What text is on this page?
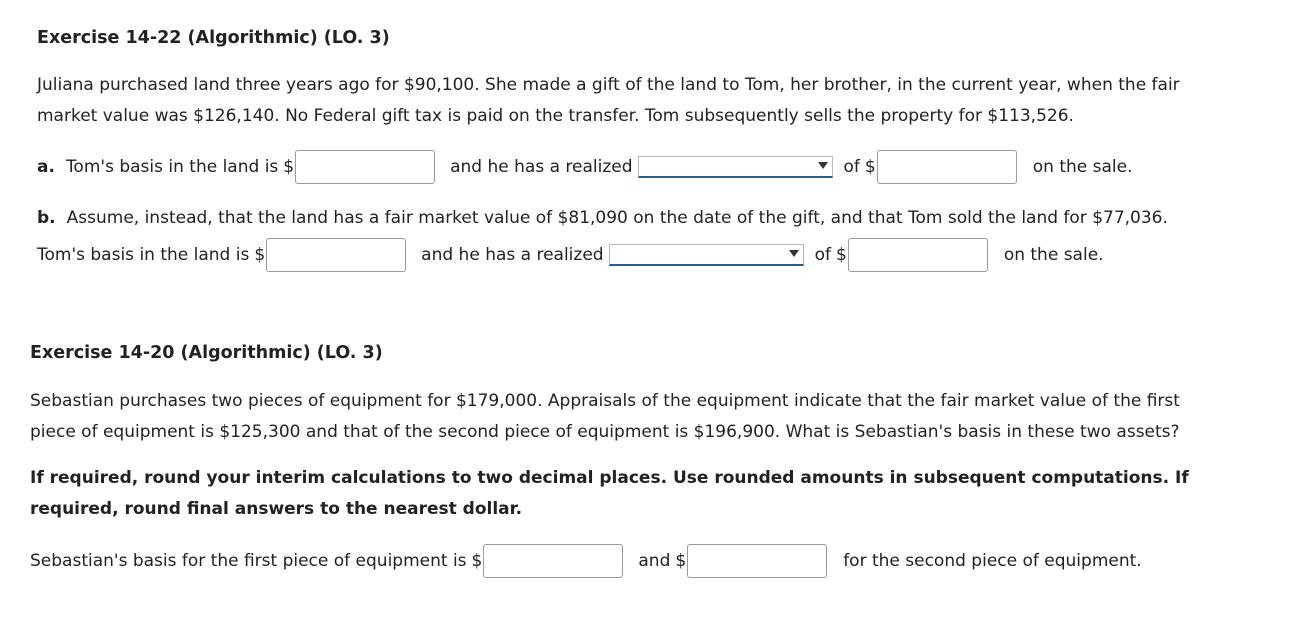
Exercise 14-22 (Algorithmic) (LO. 3)
Juliana purchased land three years ago for $90,100. She made a gift of the land to Tom, her brother, in the current year, when the fair
market value was $126,140. No Federal gift tax is paid on the transfer. Tom subsequently sells the property for $113,526.
a. Tom's basis in the land is $	and he has a realized	of $	on the sale.
b. Assume, instead, that the land has a fair market value of $81,090 on the date of the gift, and that Tom sold the land for $77,036.
Tom's basis in the land is $	and he has a realized	of $	on the sale.
Exercise 14-20 (Algorithmic) (LO. 3)
Sebastian purchases two pieces of equipment for $179,000. Appraisals of the equipment indicate that the fair market value of the first
piece of equipment is $125,300 and that of the second piece of equipment is $196,900. What is Sebastian's basis in these two assets?
If required, round your interim calculations to two decimal places. Use rounded amounts in subsequent computations. If
required, round final answers to the nearest dollar.
Sebastian's basis for the first piece of equipment is $	and $	for the second piece of equipment.
